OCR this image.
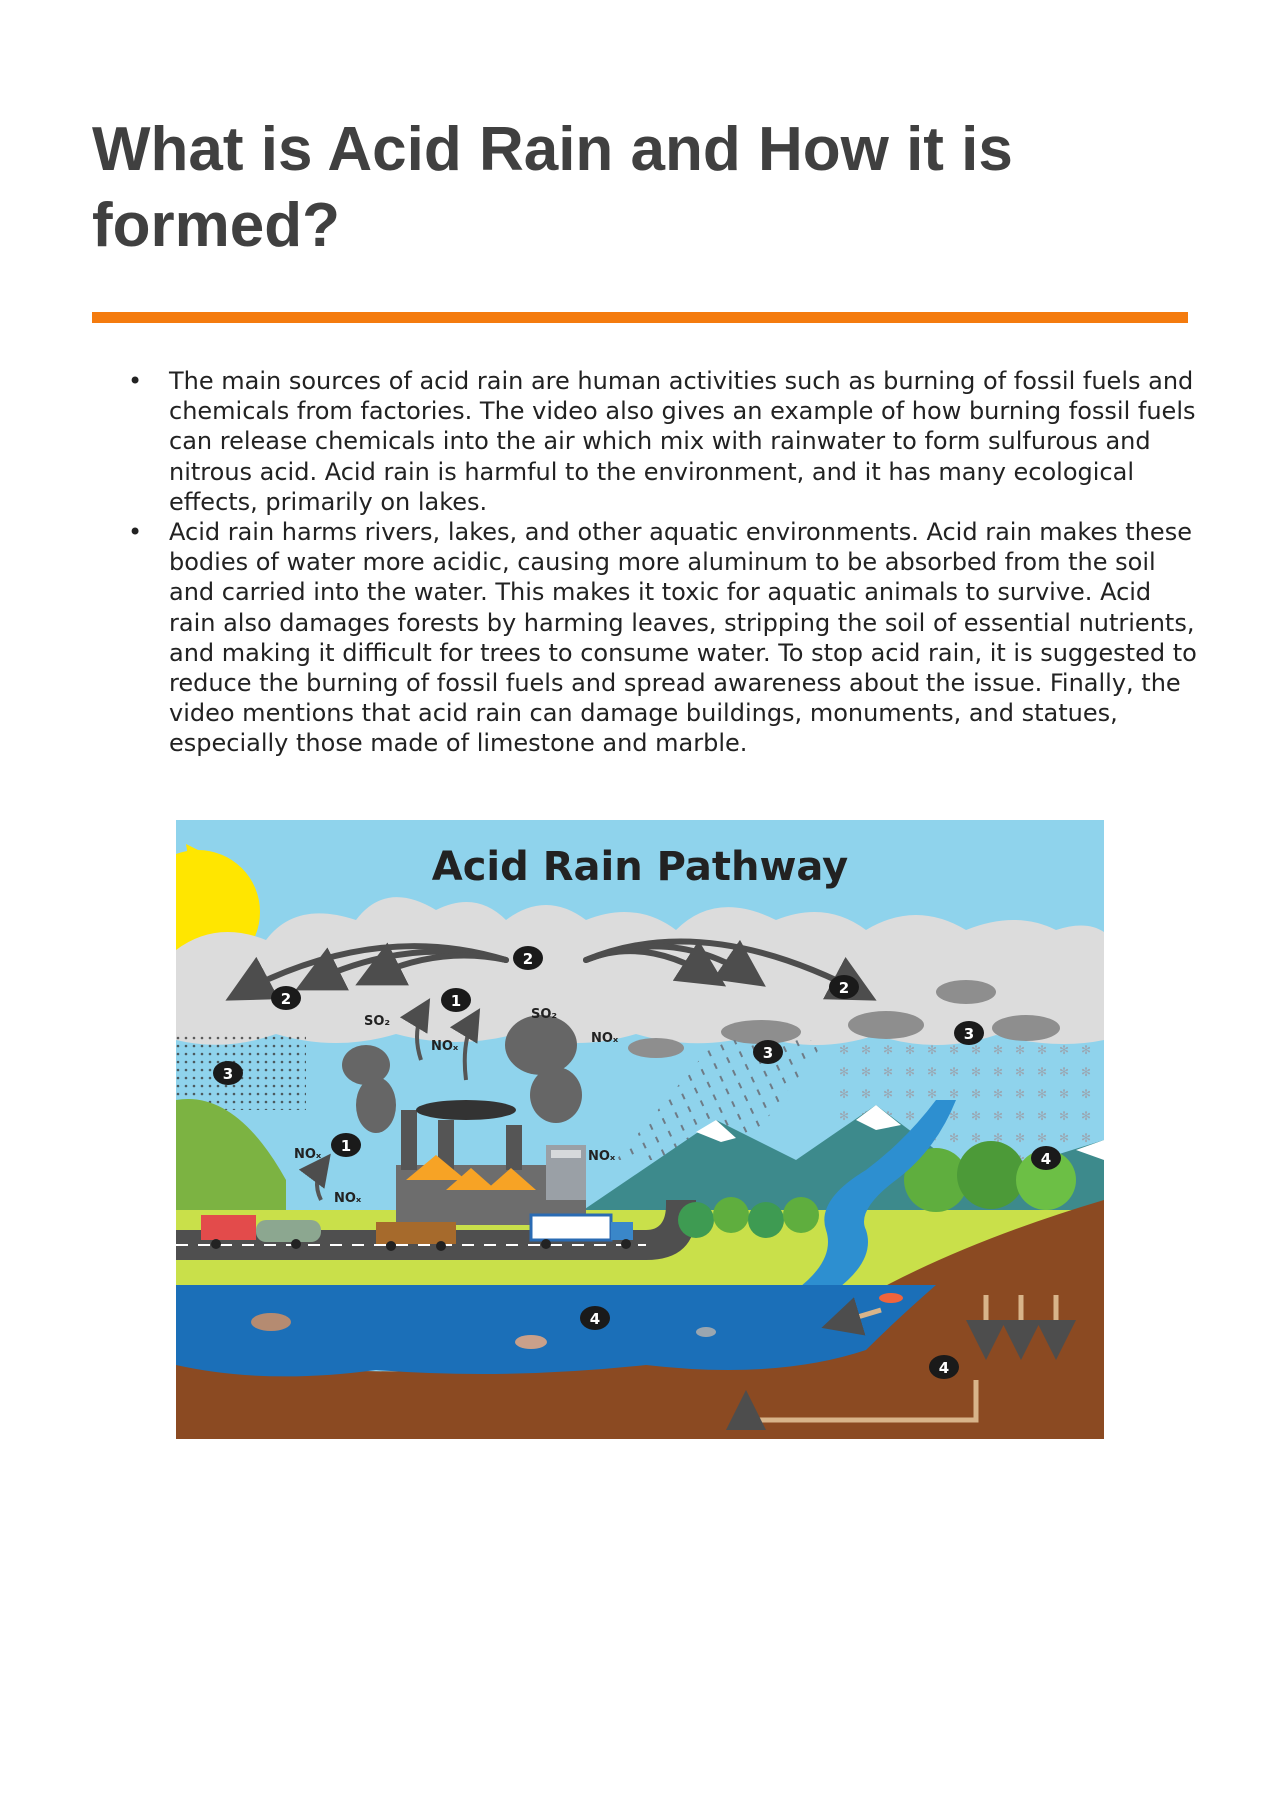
What is Acid Rain and How it is formed?
• The main sources of acid rain are human activities such as burning of fossil fuels and chemicals from factories. The video also gives an example of how burning fossil fuels can release chemicals into the air which mix with rainwater to form sulfurous and nitrous acid. Acid rain is harmful to the environment, and it has many ecological effects, primarily on lakes.
• Acid rain harms rivers, lakes, and other aquatic environments. Acid rain makes these bodies of water more acidic, causing more aluminum to be absorbed from the soil and carried into the water. This makes it toxic for aquatic animals to survive. Acid rain also damages forests by harming leaves, stripping the soil of essential nutrients, and making it difficult for trees to consume water. To stop acid rain, it is suggested to reduce the burning of fossil fuels and spread awareness about the issue. Finally, the video mentions that acid rain can damage buildings, monuments, and statues, especially those made of limestone and marble.
Acid Rain Pathway
SO₂	SO₂
NOₓ
NOₓ
NOₓ
NOₓ
NOₓ
1
1
2
2
2
3
3
3
4
4
4
